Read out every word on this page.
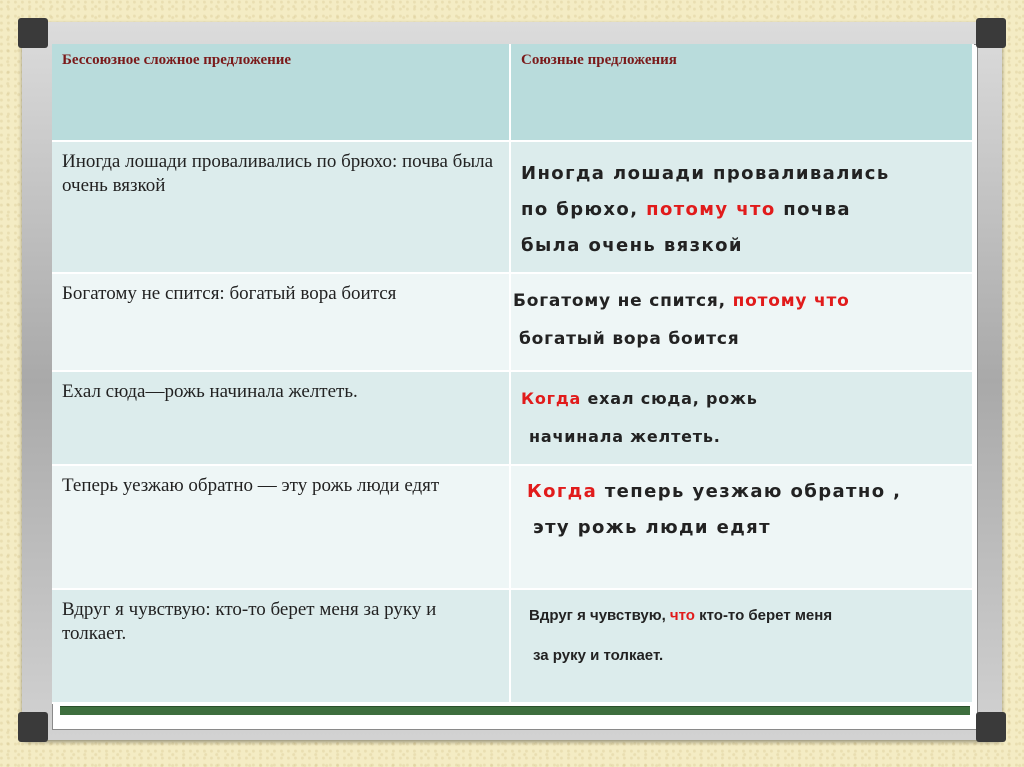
Бессоюзное сложное предложение	Союзные предложения
Иногда лошади проваливались по брюхо: почва была очень вязкой	Иногда лошади проваливались
по брюхо, потому что почва
была очень вязкой
Богатому не спится: богатый вора боится	Богатому не спится, потому что
богатый вора боится
Ехал сюда—рожь начинала желтеть.	Когда ехал сюда, рожь
начинала желтеть.
Теперь уезжаю обратно — эту рожь люди едят	Когда теперь уезжаю обратно ,
эту рожь люди едят
Вдруг я чувствую: кто-то берет меня за руку и толкает.	Вдруг я чувствую, что кто-то берет меня
за руку и толкает.
